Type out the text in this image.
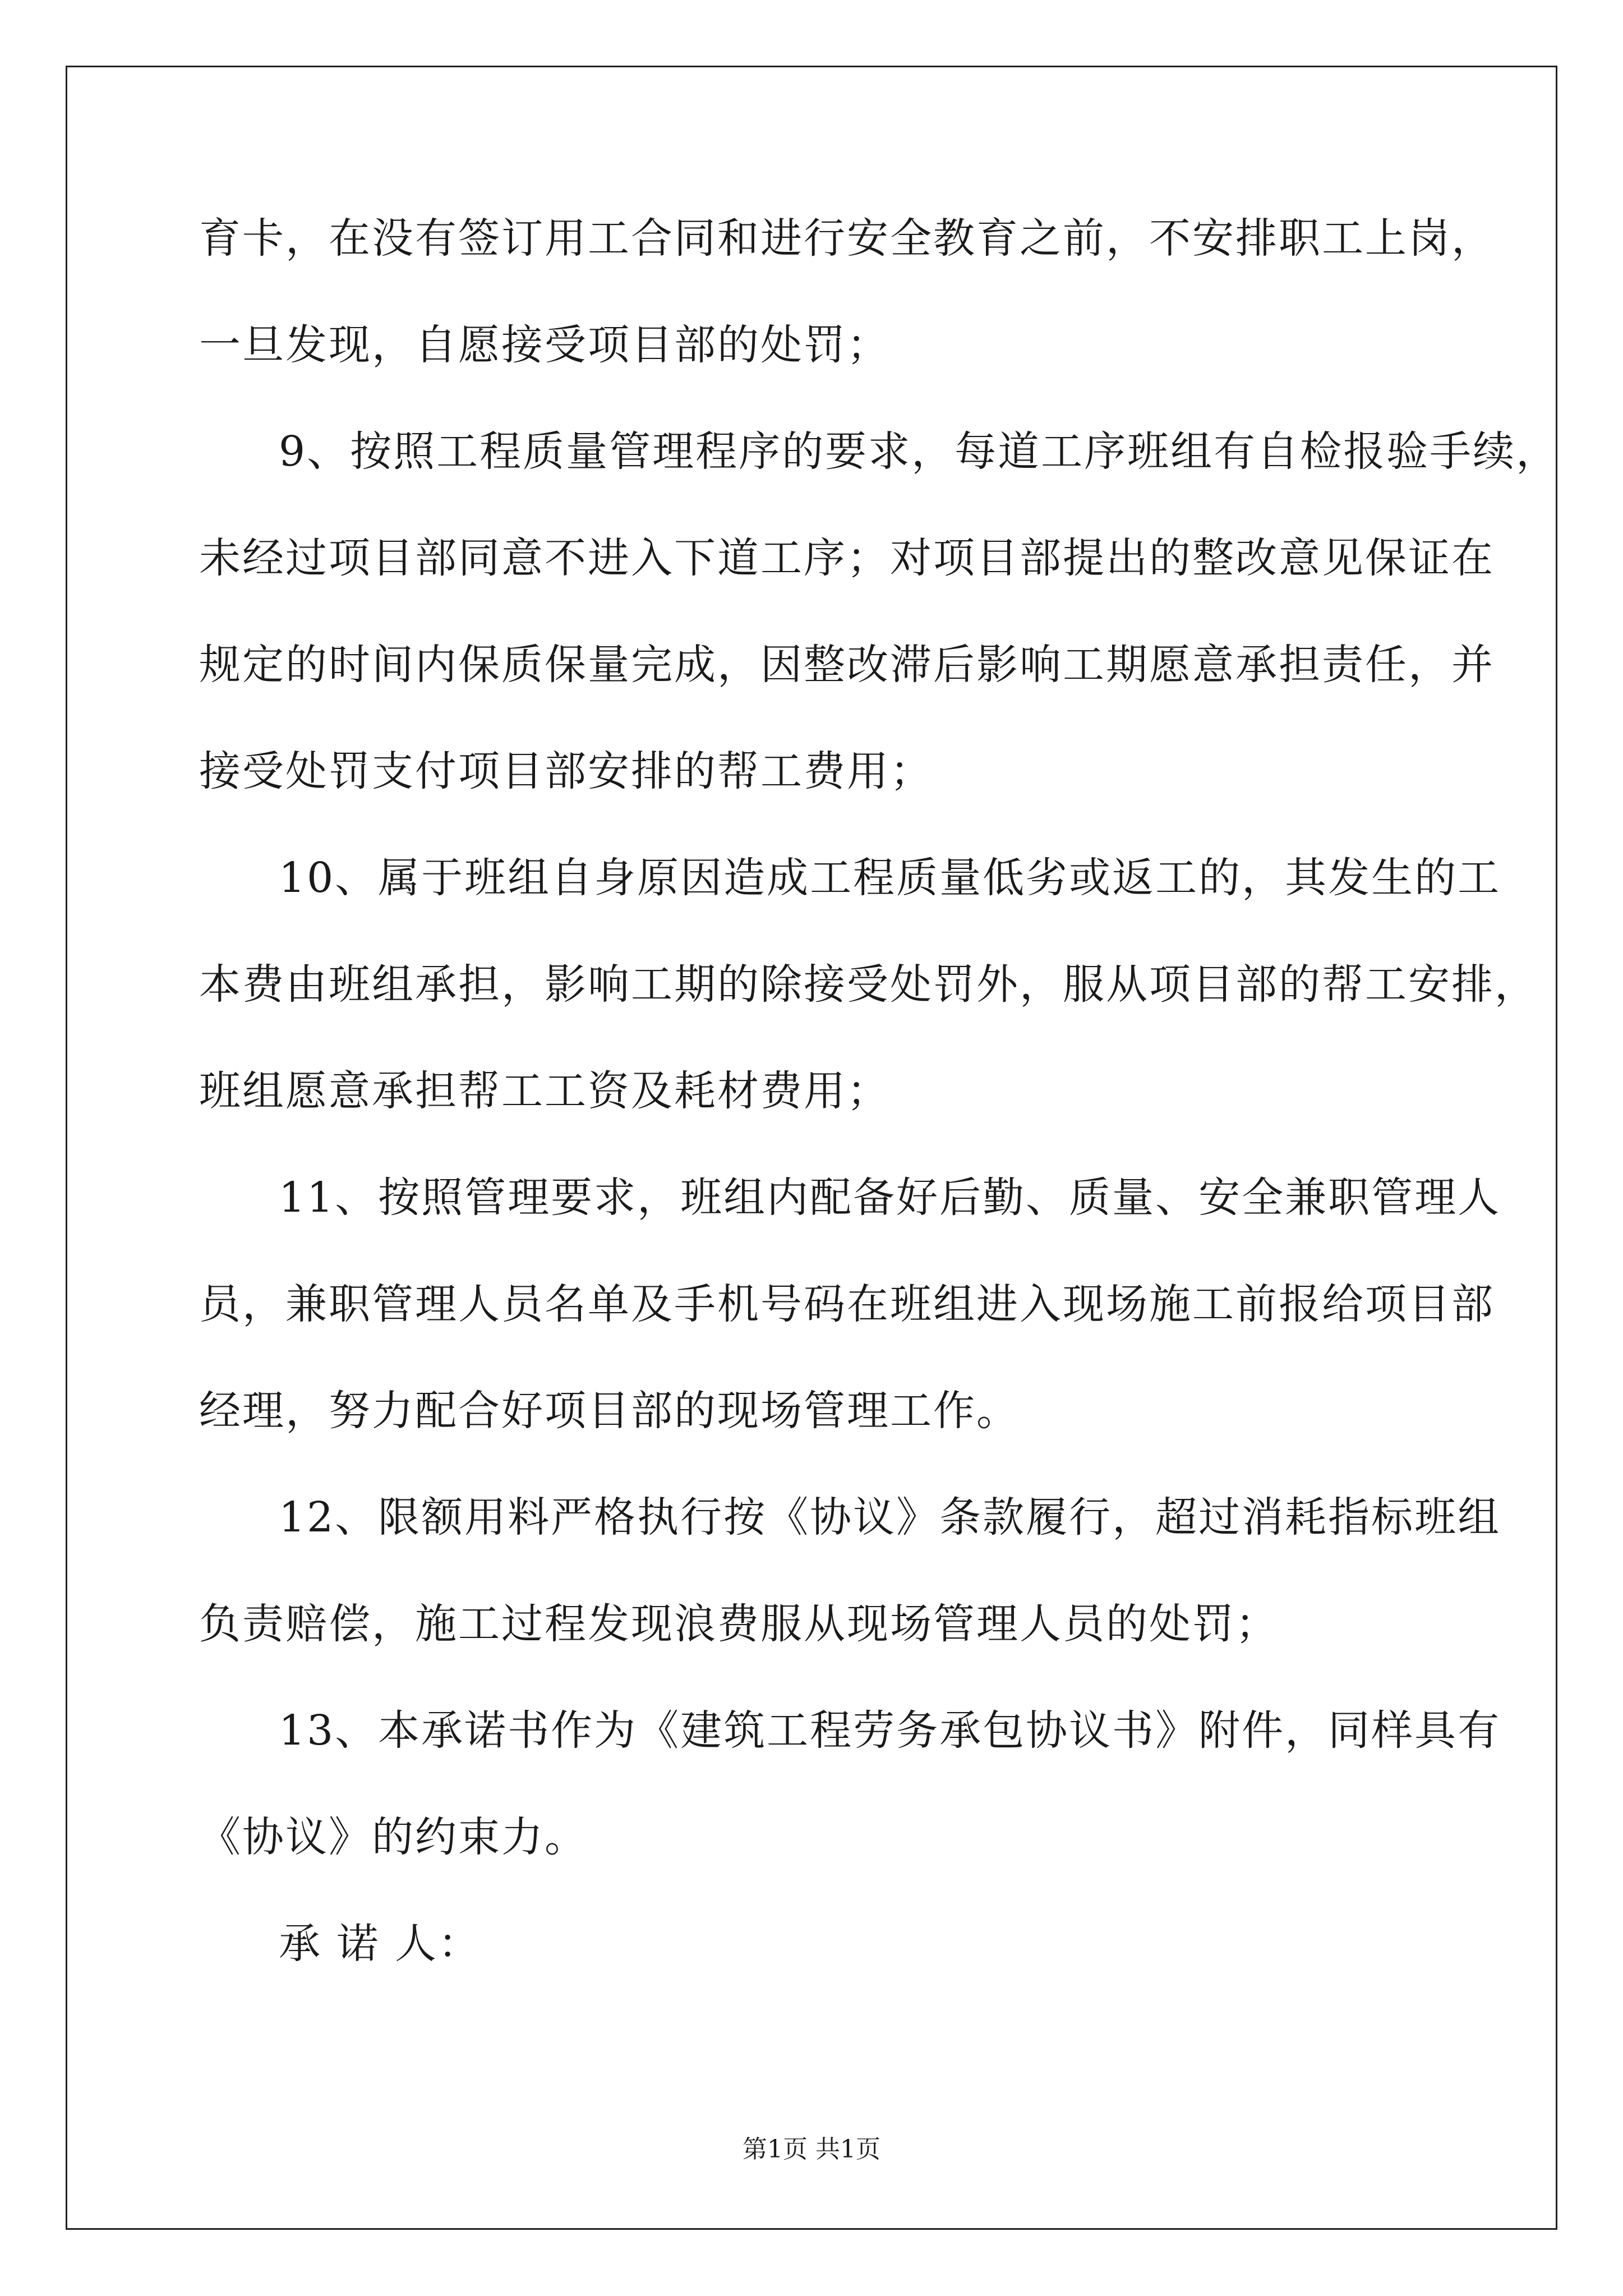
育卡，在没有签订用工合同和进行安全教育之前，不安排职工上岗，
一旦发现，自愿接受项目部的处罚；
9、按照工程质量管理程序的要求，每道工序班组有自检报验手续，
未经过项目部同意不进入下道工序；对项目部提出的整改意见保证在
规定的时间内保质保量完成，因整改滞后影响工期愿意承担责任，并
接受处罚支付项目部安排的帮工费用；
10、属于班组自身原因造成工程质量低劣或返工的，其发生的工
本费由班组承担，影响工期的除接受处罚外，服从项目部的帮工安排，
班组愿意承担帮工工资及耗材费用；
11、按照管理要求，班组内配备好后勤、质量、安全兼职管理人
员，兼职管理人员名单及手机号码在班组进入现场施工前报给项目部
经理，努力配合好项目部的现场管理工作。
12、限额用料严格执行按《协议》条款履行，超过消耗指标班组
负责赔偿，施工过程发现浪费服从现场管理人员的处罚；
13、本承诺书作为《建筑工程劳务承包协议书》附件，同样具有
《协议》的约束力。
承 诺 人：
第1页 共1页
